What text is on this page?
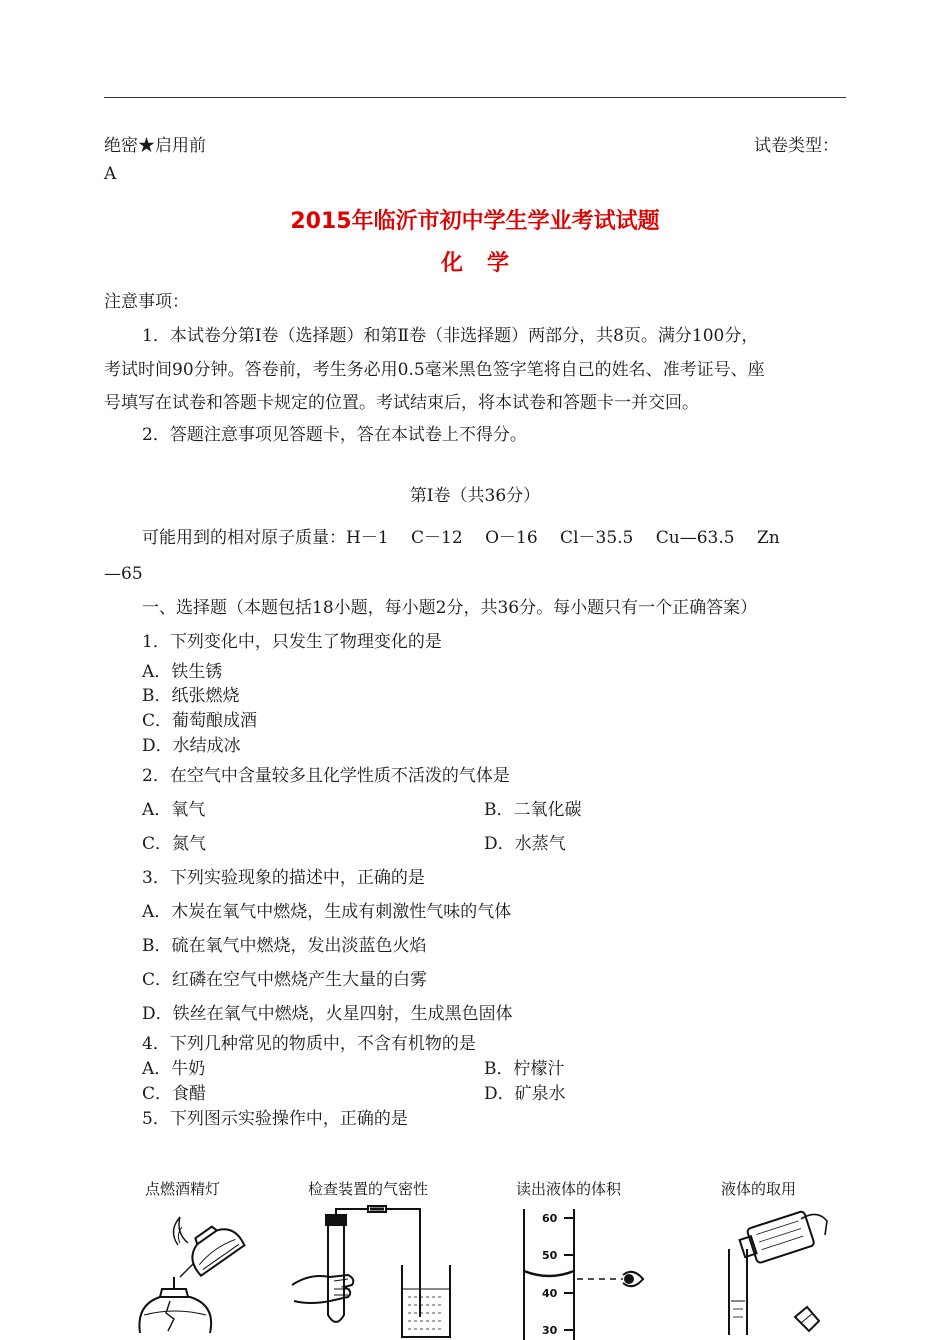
绝密★启用前	试卷类型：
A
2015年临沂市初中学生学业考试试题
化学
注意事项：
1．本试卷分第Ⅰ卷（选择题）和第Ⅱ卷（非选择题）两部分，共8页。满分100分，
考试时间90分钟。答卷前，考生务必用0.5毫米黑色签字笔将自己的姓名、准考证号、座
号填写在试卷和答题卡规定的位置。考试结束后，将本试卷和答题卡一并交回。
2．答题注意事项见答题卡，答在本试卷上不得分。
第Ⅰ卷（共36分）
可能用到的相对原子质量：H－1　 C－12　 O－16　 Cl－35.5　 Cu—63.5　 Zn
—65
一、选择题（本题包括18小题，每小题2分，共36分。每小题只有一个正确答案）
1．下列变化中，只发生了物理变化的是
A．铁生锈
B．纸张燃烧
C．葡萄酿成酒
D．水结成冰
2．在空气中含量较多且化学性质不活泼的气体是
A．氧气	B．二氧化碳
C．氮气	D．水蒸气
3．下列实验现象的描述中，正确的是
A．木炭在氧气中燃烧，生成有刺激性气味的气体
B．硫在氧气中燃烧，发出淡蓝色火焰
C．红磷在空气中燃烧产生大量的白雾
D．铁丝在氧气中燃烧，火星四射，生成黑色固体
4．下列几种常见的物质中，不含有机物的是
A．牛奶	B．柠檬汁
C．食醋	D．矿泉水
5．下列图示实验操作中，正确的是
点燃酒精灯	检查装置的气密性	读出液体的体积	液体的取用
60
50
40
30
